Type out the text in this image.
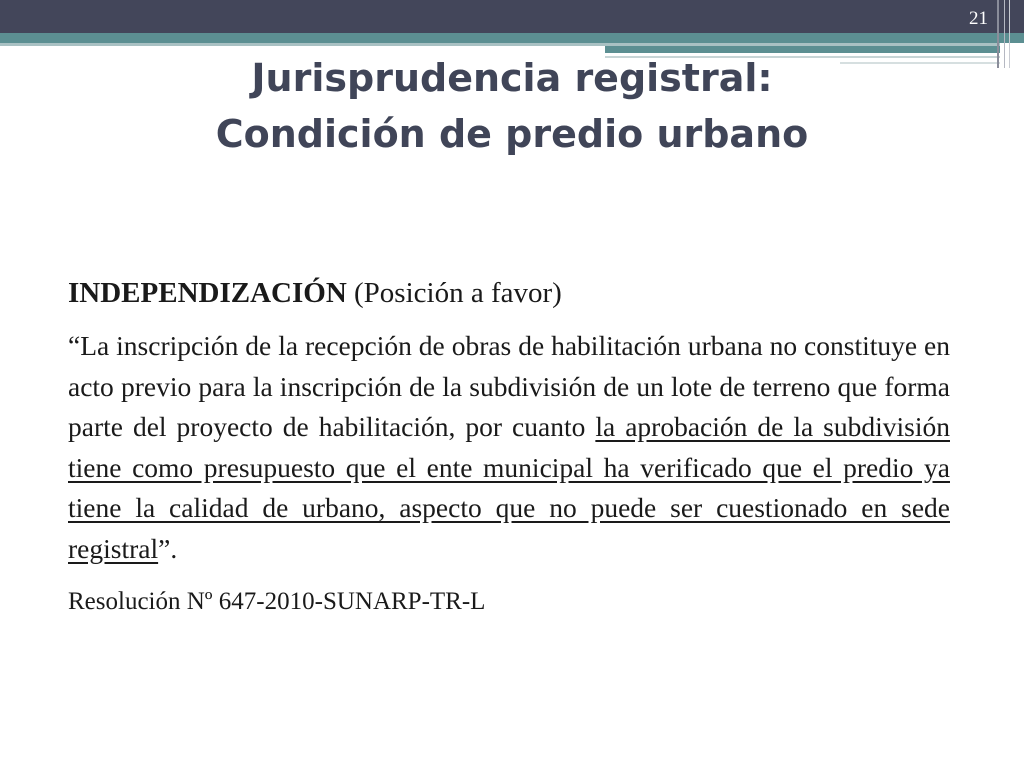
21
Jurisprudencia registral:
Condición de predio urbano

INDEPENDIZACIÓN (Posición a favor)

“La inscripción de la recepción de obras de habilitación urbana no constituye en acto previo para la inscripción de la subdivisión de un lote de terreno que forma parte del proyecto de habilitación, por cuanto la aprobación de la subdivisión tiene como presupuesto que el ente municipal ha verificado que el predio ya tiene la calidad de urbano, aspecto que no puede ser cuestionado en sede registral”.

Resolución Nº 647-2010-SUNARP-TR-L
